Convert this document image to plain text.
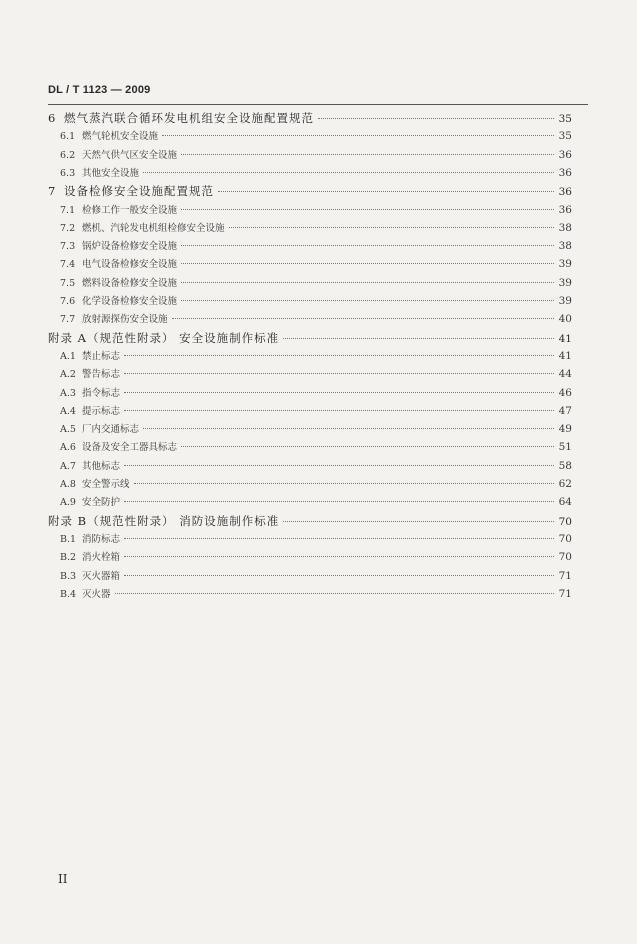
DL / T 1123 — 2009
6 燃气蒸汽联合循环发电机组安全设施配置规范	35
6.1 燃气轮机安全设施	35
6.2 天然气供气区安全设施	36
6.3 其他安全设施	36
7 设备检修安全设施配置规范	36
7.1 检修工作一般安全设施	36
7.2 燃机、汽轮发电机组检修安全设施	38
7.3 锅炉设备检修安全设施	38
7.4 电气设备检修安全设施	39
7.5 燃料设备检修安全设施	39
7.6 化学设备检修安全设施	39
7.7 放射源探伤安全设施	40
附录 A（规范性附录） 安全设施制作标准	41
A.1 禁止标志	41
A.2 警告标志	44
A.3 指令标志	46
A.4 提示标志	47
A.5 厂内交通标志	49
A.6 设备及安全工器具标志	51
A.7 其他标志	58
A.8 安全警示线	62
A.9 安全防护	64
附录 B（规范性附录） 消防设施制作标准	70
B.1 消防标志	70
B.2 消火栓箱	70
B.3 灭火器箱	71
B.4 灭火器	71
II
